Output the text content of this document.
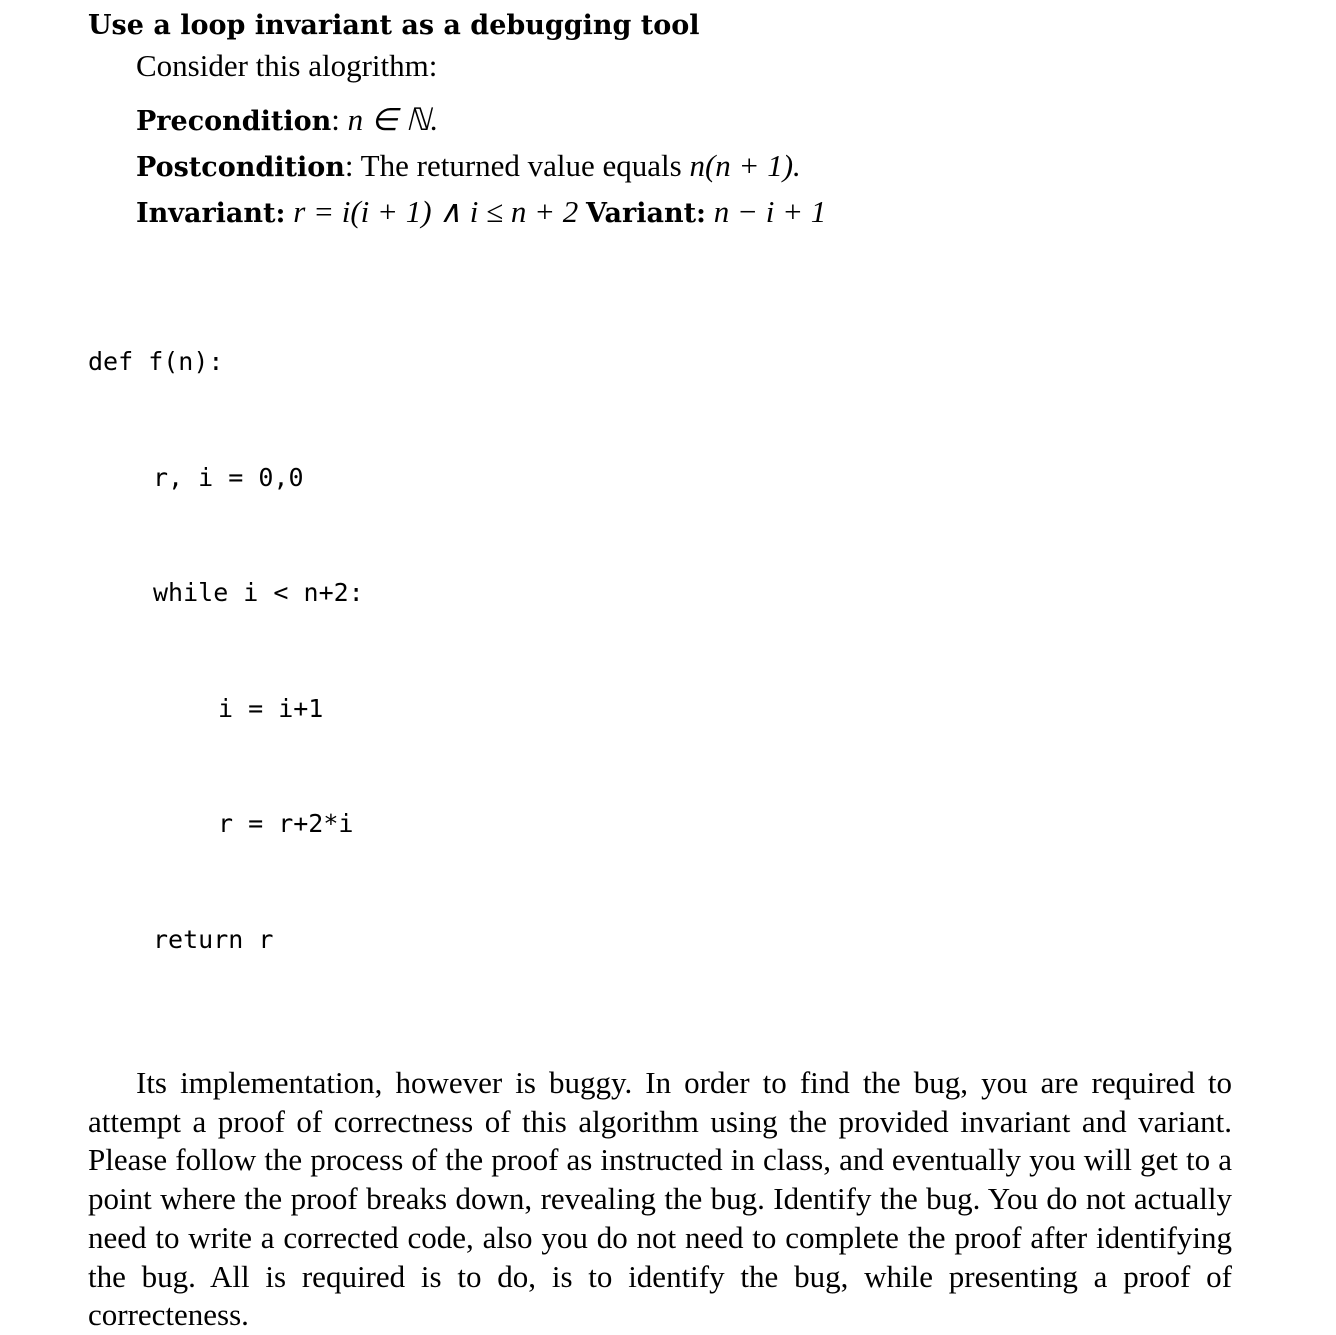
Use a loop invariant as a debugging tool

Consider this alogrithm:

Precondition: n ∈ ℕ.
Postcondition: The returned value equals n(n + 1).
Invariant: r = i(i + 1) ∧ i ≤ n + 2 Variant: n − i + 1

def f(n):

r, i = 0,0

while i < n+2:

i = i+1

r = r+2*i

return r

Its implementation, however is buggy. In order to find the bug, you are required to attempt a proof of correctness of this algorithm using the provided invariant and variant. Please follow the process of the proof as instructed in class, and eventually you will get to a point where the proof breaks down, revealing the bug. Identify the bug. You do not actually need to write a corrected code, also you do not need to complete the proof after identifying the bug. All is required is to do, is to identify the bug, while presenting a proof of correcteness.
